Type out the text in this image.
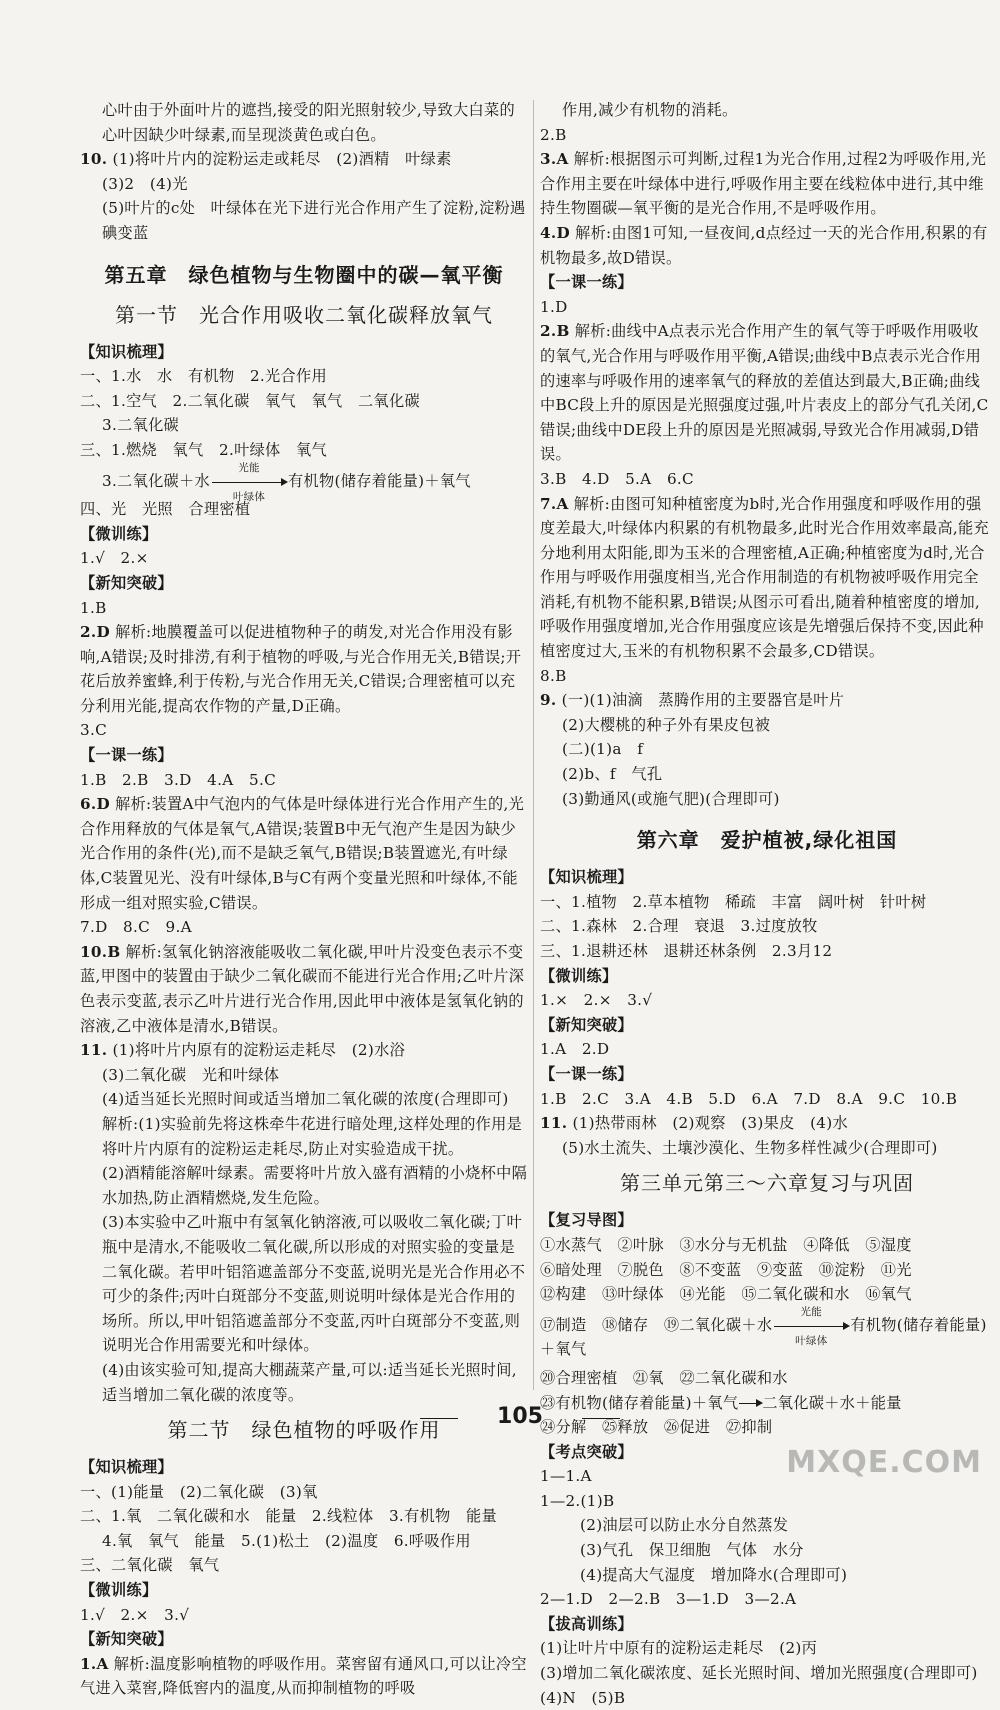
心叶由于外面叶片的遮挡,接受的阳光照射较少,导致大白菜的心叶因缺少叶绿素,而呈现淡黄色或白色。

10. (1)将叶片内的淀粉运走或耗尽　(2)酒精　叶绿素

(3)2　(4)光

(5)叶片的c处　叶绿体在光下进行光合作用产生了淀粉,淀粉遇碘变蓝

第五章　绿色植物与生物圈中的碳—氧平衡

第一节　光合作用吸收二氧化碳释放氧气

【知识梳理】

一、1.水　水　有机物　2.光合作用

二、1.空气　2.二氧化碳　氧气　氧气　二氧化碳

3.二氧化碳

三、1.燃烧　氧气　2.叶绿体　氧气

3.二氧化碳＋水
光能
叶绿体
有机物(储存着能量)＋氧气

四、光　光照　合理密植

【微训练】

1.√　2.×

【新知突破】

1.B

2.D 解析:地膜覆盖可以促进植物种子的萌发,对光合作用没有影响,A错误;及时排涝,有利于植物的呼吸,与光合作用无关,B错误;开花后放养蜜蜂,利于传粉,与光合作用无关,C错误;合理密植可以充分利用光能,提高农作物的产量,D正确。

3.C

【一课一练】

1.B　2.B　3.D　4.A　5.C

6.D 解析:装置A中气泡内的气体是叶绿体进行光合作用产生的,光合作用释放的气体是氧气,A错误;装置B中无气泡产生是因为缺少光合作用的条件(光),而不是缺乏氧气,B错误;B装置遮光,有叶绿体,C装置见光、没有叶绿体,B与C有两个变量光照和叶绿体,不能形成一组对照实验,C错误。

7.D　8.C　9.A

10.B 解析:氢氧化钠溶液能吸收二氧化碳,甲叶片没变色表示不变蓝,甲图中的装置由于缺少二氧化碳而不能进行光合作用;乙叶片深色表示变蓝,表示乙叶片进行光合作用,因此甲中液体是氢氧化钠的溶液,乙中液体是清水,B错误。

11. (1)将叶片内原有的淀粉运走耗尽　(2)水浴

(3)二氧化碳　光和叶绿体

(4)适当延长光照时间或适当增加二氧化碳的浓度(合理即可)

解析:(1)实验前先将这株牵牛花进行暗处理,这样处理的作用是将叶片内原有的淀粉运走耗尽,防止对实验造成干扰。

(2)酒精能溶解叶绿素。需要将叶片放入盛有酒精的小烧杯中隔水加热,防止酒精燃烧,发生危险。

(3)本实验中乙叶瓶中有氢氧化钠溶液,可以吸收二氧化碳;丁叶瓶中是清水,不能吸收二氧化碳,所以形成的对照实验的变量是二氧化碳。若甲叶铝箔遮盖部分不变蓝,说明光是光合作用必不可少的条件;丙叶白斑部分不变蓝,则说明叶绿体是光合作用的场所。所以,甲叶铝箔遮盖部分不变蓝,丙叶白斑部分不变蓝,则说明光合作用需要光和叶绿体。

(4)由该实验可知,提高大棚蔬菜产量,可以:适当延长光照时间,适当增加二氧化碳的浓度等。

第二节　绿色植物的呼吸作用

【知识梳理】

一、(1)能量　(2)二氧化碳　(3)氧

二、1.氧　二氧化碳和水　能量　2.线粒体　3.有机物　能量

4.氧　氧气　能量　5.(1)松土　(2)温度　6.呼吸作用

三、二氧化碳　氧气

【微训练】

1.√　2.×　3.√

【新知突破】

1.A 解析:温度影响植物的呼吸作用。菜窖留有通风口,可以让冷空气进入菜窖,降低窖内的温度,从而抑制植物的呼吸

作用,减少有机物的消耗。

2.B

3.A 解析:根据图示可判断,过程1为光合作用,过程2为呼吸作用,光合作用主要在叶绿体中进行,呼吸作用主要在线粒体中进行,其中维持生物圈碳—氧平衡的是光合作用,不是呼吸作用。

4.D 解析:由图1可知,一昼夜间,d点经过一天的光合作用,积累的有机物最多,故D错误。

【一课一练】

1.D

2.B 解析:曲线中A点表示光合作用产生的氧气等于呼吸作用吸收的氧气,光合作用与呼吸作用平衡,A错误;曲线中B点表示光合作用的速率与呼吸作用的速率氧气的释放的差值达到最大,B正确;曲线中BC段上升的原因是光照强度过强,叶片表皮上的部分气孔关闭,C错误;曲线中DE段上升的原因是光照减弱,导致光合作用减弱,D错误。

3.B　4.D　5.A　6.C

7.A 解析:由图可知种植密度为b时,光合作用强度和呼吸作用的强度差最大,叶绿体内积累的有机物最多,此时光合作用效率最高,能充分地利用太阳能,即为玉米的合理密植,A正确;种植密度为d时,光合作用与呼吸作用强度相当,光合作用制造的有机物被呼吸作用完全消耗,有机物不能积累,B错误;从图示可看出,随着种植密度的增加,呼吸作用强度增加,光合作用强度应该是先增强后保持不变,因此种植密度过大,玉米的有机物积累不会最多,CD错误。

8.B

9. (一)(1)油滴　蒸腾作用的主要器官是叶片

(2)大樱桃的种子外有果皮包被

(二)(1)a　f

(2)b、f　气孔

(3)勤通风(或施气肥)(合理即可)

第六章　爱护植被,绿化祖国

【知识梳理】

一、1.植物　2.草本植物　稀疏　丰富　阔叶树　针叶树

二、1.森林　2.合理　衰退　3.过度放牧

三、1.退耕还林　退耕还林条例　2.3月12

【微训练】

1.×　2.×　3.√

【新知突破】

1.A　2.D

【一课一练】

1.B　2.C　3.A　4.B　5.D　6.A　7.D　8.A　9.C　10.B

11. (1)热带雨林　(2)观察　(3)果皮　(4)水

(5)水土流失、土壤沙漠化、生物多样性减少(合理即可)

第三单元第三～六章复习与巩固

【复习导图】

①水蒸气　②叶脉　③水分与无机盐　④降低　⑤湿度

⑥暗处理　⑦脱色　⑧不变蓝　⑨变蓝　⑩淀粉　⑪光

⑫构建　⑬叶绿体　⑭光能　⑮二氧化碳和水　⑯氧气

⑰制造　⑱储存　⑲二氧化碳＋水
光能
叶绿体
有机物(储存着能量)＋氧气

⑳合理密植　㉑氧　㉒二氧化碳和水

㉓有机物(储存着能量)＋氧气 二氧化碳＋水＋能量

㉔分解　㉕释放　㉖促进　㉗抑制

【考点突破】

1—1.A

1—2.(1)B

(2)油层可以防止水分自然蒸发

(3)气孔　保卫细胞　气体　水分

(4)提高大气湿度　增加降水(合理即可)

2—1.D　2—2.B　3—1.D　3—2.A

【拔高训练】

(1)让叶片中原有的淀粉运走耗尽　(2)丙

(3)增加二氧化碳浓度、延长光照时间、增加光照强度(合理即可)

(4)N　(5)B

105
MXQE.COM
